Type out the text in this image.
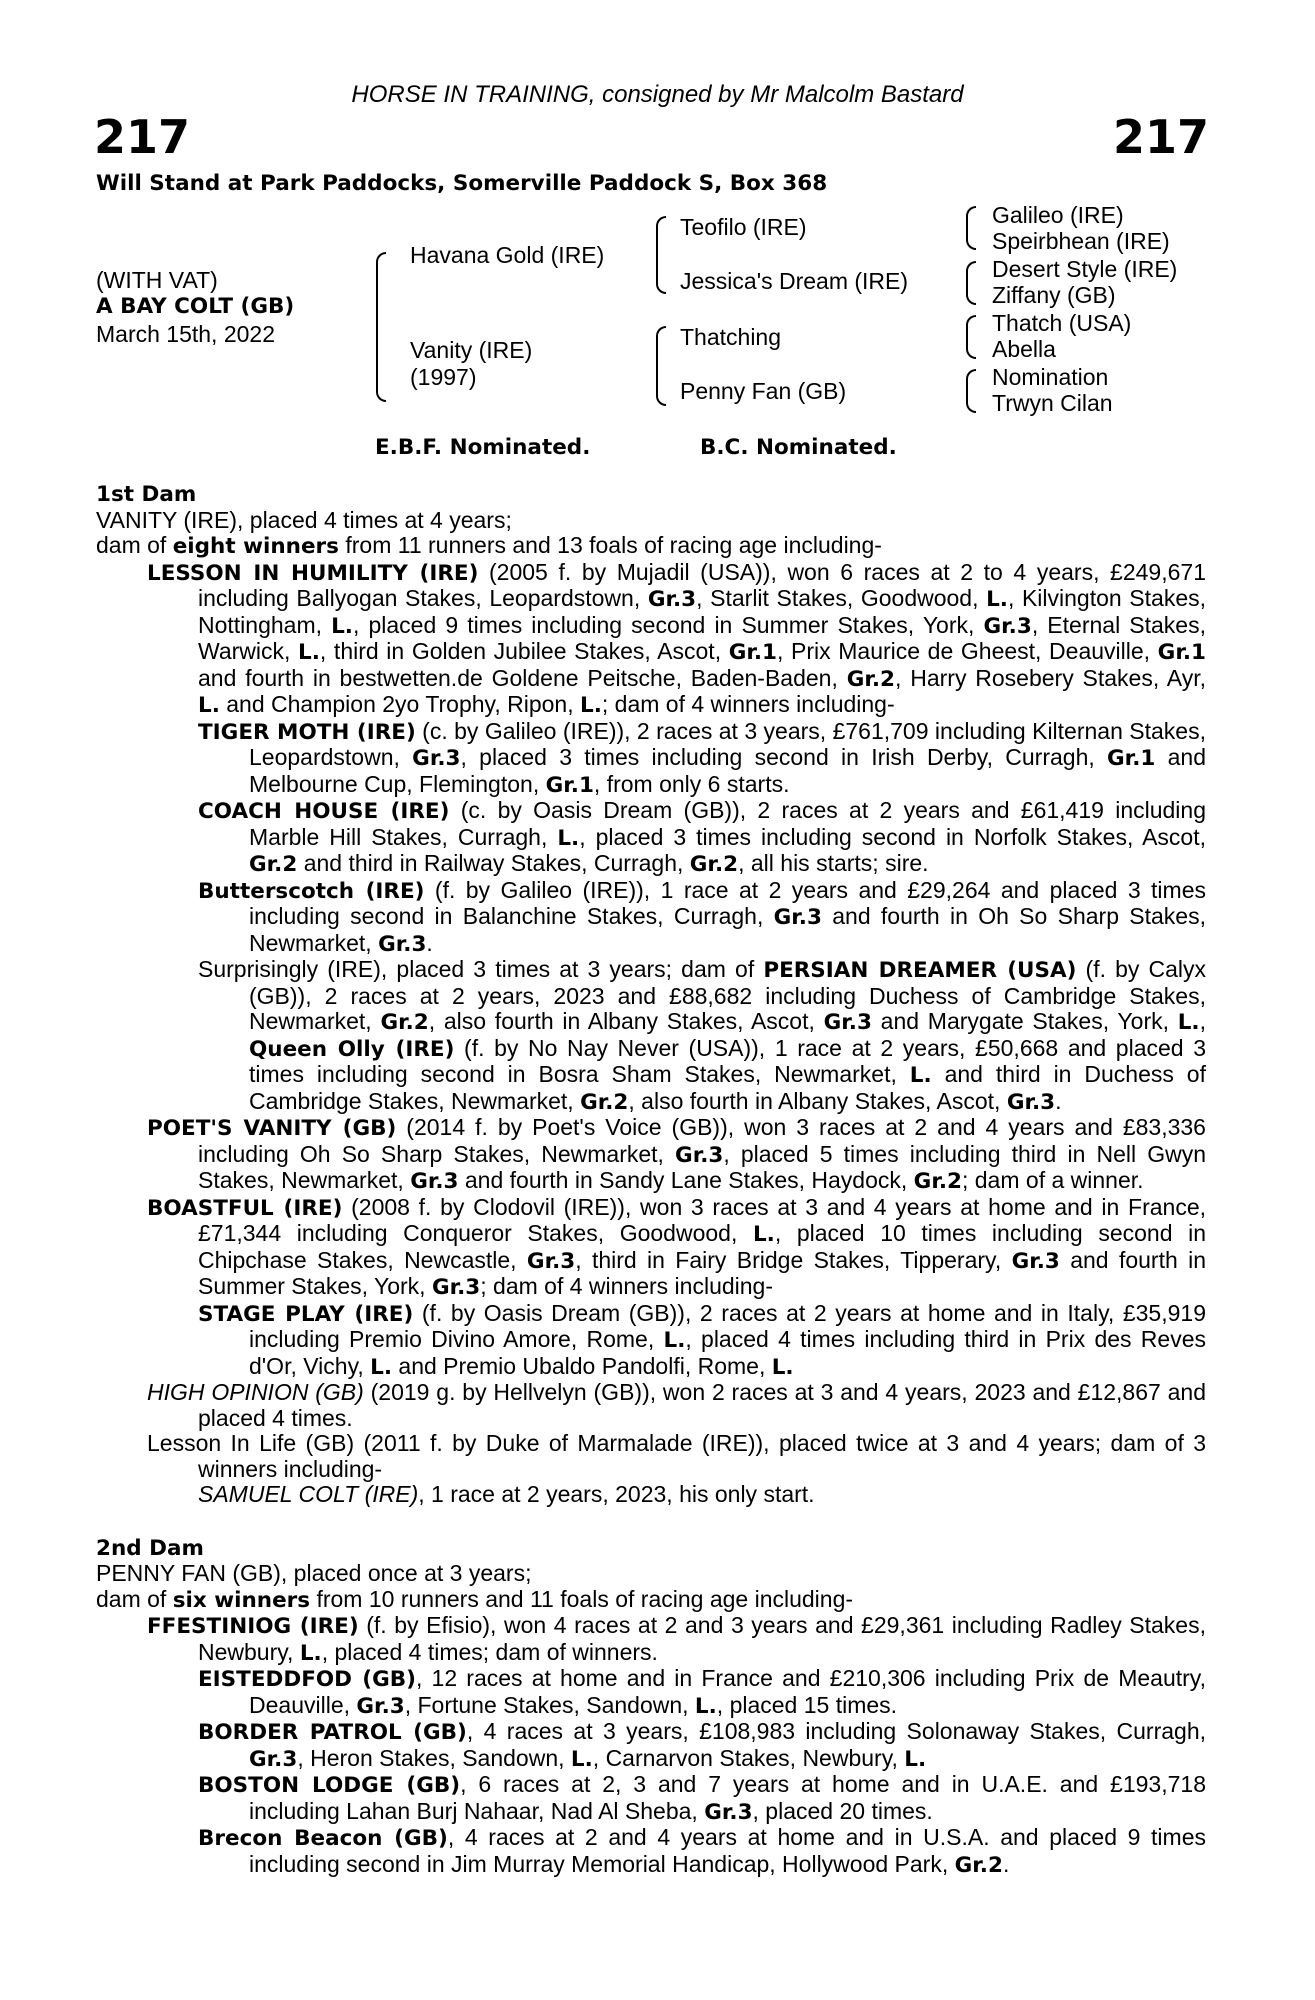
HORSE IN TRAINING, consigned by Mr Malcolm Bastard
217	217
Will Stand at Park Paddocks, Somerville Paddock S, Box 368
(WITH VAT)
A BAY COLT (GB)
March 15th, 2022
Havana Gold (IRE)
Vanity (IRE)
(1997)
Teofilo (IRE)
Jessica's Dream (IRE)
Thatching
Penny Fan (GB)
Galileo (IRE)
Speirbhean (IRE)
Desert Style (IRE)
Ziffany (GB)
Thatch (USA)
Abella
Nomination
Trwyn Cilan
E.B.F. Nominated.	B.C. Nominated.
1st Dam
VANITY (IRE), placed 4 times at 4 years;
dam of eight winners from 11 runners and 13 foals of racing age including-
LESSON IN HUMILITY (IRE) (2005 f. by Mujadil (USA)), won 6 races at 2 to 4 years, £249,671 including Ballyogan Stakes, Leopardstown, Gr.3, Starlit Stakes, Goodwood, L., Kilvington Stakes, Nottingham, L., placed 9 times including second in Summer Stakes, York, Gr.3, Eternal Stakes, Warwick, L., third in Golden Jubilee Stakes, Ascot, Gr.1, Prix Maurice de Gheest, Deauville, Gr.1 and fourth in bestwetten.de Goldene Peitsche, Baden-Baden, Gr.2, Harry Rosebery Stakes, Ayr, L. and Champion 2yo Trophy, Ripon, L.; dam of 4 winners including-
TIGER MOTH (IRE) (c. by Galileo (IRE)), 2 races at 3 years, £761,709 including Kilternan Stakes, Leopardstown, Gr.3, placed 3 times including second in Irish Derby, Curragh, Gr.1 and Melbourne Cup, Flemington, Gr.1, from only 6 starts.
COACH HOUSE (IRE) (c. by Oasis Dream (GB)), 2 races at 2 years and £61,419 including Marble Hill Stakes, Curragh, L., placed 3 times including second in Norfolk Stakes, Ascot, Gr.2 and third in Railway Stakes, Curragh, Gr.2, all his starts; sire.
Butterscotch (IRE) (f. by Galileo (IRE)), 1 race at 2 years and £29,264 and placed 3 times including second in Balanchine Stakes, Curragh, Gr.3 and fourth in Oh So Sharp Stakes, Newmarket, Gr.3.
Surprisingly (IRE), placed 3 times at 3 years; dam of PERSIAN DREAMER (USA) (f. by Calyx (GB)), 2 races at 2 years, 2023 and £88,682 including Duchess of Cambridge Stakes, Newmarket, Gr.2, also fourth in Albany Stakes, Ascot, Gr.3 and Marygate Stakes, York, L., Queen Olly (IRE) (f. by No Nay Never (USA)), 1 race at 2 years, £50,668 and placed 3 times including second in Bosra Sham Stakes, Newmarket, L. and third in Duchess of Cambridge Stakes, Newmarket, Gr.2, also fourth in Albany Stakes, Ascot, Gr.3.
POET'S VANITY (GB) (2014 f. by Poet's Voice (GB)), won 3 races at 2 and 4 years and £83,336 including Oh So Sharp Stakes, Newmarket, Gr.3, placed 5 times including third in Nell Gwyn Stakes, Newmarket, Gr.3 and fourth in Sandy Lane Stakes, Haydock, Gr.2; dam of a winner.
BOASTFUL (IRE) (2008 f. by Clodovil (IRE)), won 3 races at 3 and 4 years at home and in France, £71,344 including Conqueror Stakes, Goodwood, L., placed 10 times including second in Chipchase Stakes, Newcastle, Gr.3, third in Fairy Bridge Stakes, Tipperary, Gr.3 and fourth in Summer Stakes, York, Gr.3; dam of 4 winners including-
STAGE PLAY (IRE) (f. by Oasis Dream (GB)), 2 races at 2 years at home and in Italy, £35,919 including Premio Divino Amore, Rome, L., placed 4 times including third in Prix des Reves d'Or, Vichy, L. and Premio Ubaldo Pandolfi, Rome, L.
HIGH OPINION (GB) (2019 g. by Hellvelyn (GB)), won 2 races at 3 and 4 years, 2023 and £12,867 and placed 4 times.
Lesson In Life (GB) (2011 f. by Duke of Marmalade (IRE)), placed twice at 3 and 4 years; dam of 3 winners including-
SAMUEL COLT (IRE), 1 race at 2 years, 2023, his only start.
2nd Dam
PENNY FAN (GB), placed once at 3 years;
dam of six winners from 10 runners and 11 foals of racing age including-
FFESTINIOG (IRE) (f. by Efisio), won 4 races at 2 and 3 years and £29,361 including Radley Stakes, Newbury, L., placed 4 times; dam of winners.
EISTEDDFOD (GB), 12 races at home and in France and £210,306 including Prix de Meautry, Deauville, Gr.3, Fortune Stakes, Sandown, L., placed 15 times.
BORDER PATROL (GB), 4 races at 3 years, £108,983 including Solonaway Stakes, Curragh, Gr.3, Heron Stakes, Sandown, L., Carnarvon Stakes, Newbury, L.
BOSTON LODGE (GB), 6 races at 2, 3 and 7 years at home and in U.A.E. and £193,718 including Lahan Burj Nahaar, Nad Al Sheba, Gr.3, placed 20 times.
Brecon Beacon (GB), 4 races at 2 and 4 years at home and in U.S.A. and placed 9 times including second in Jim Murray Memorial Handicap, Hollywood Park, Gr.2.
